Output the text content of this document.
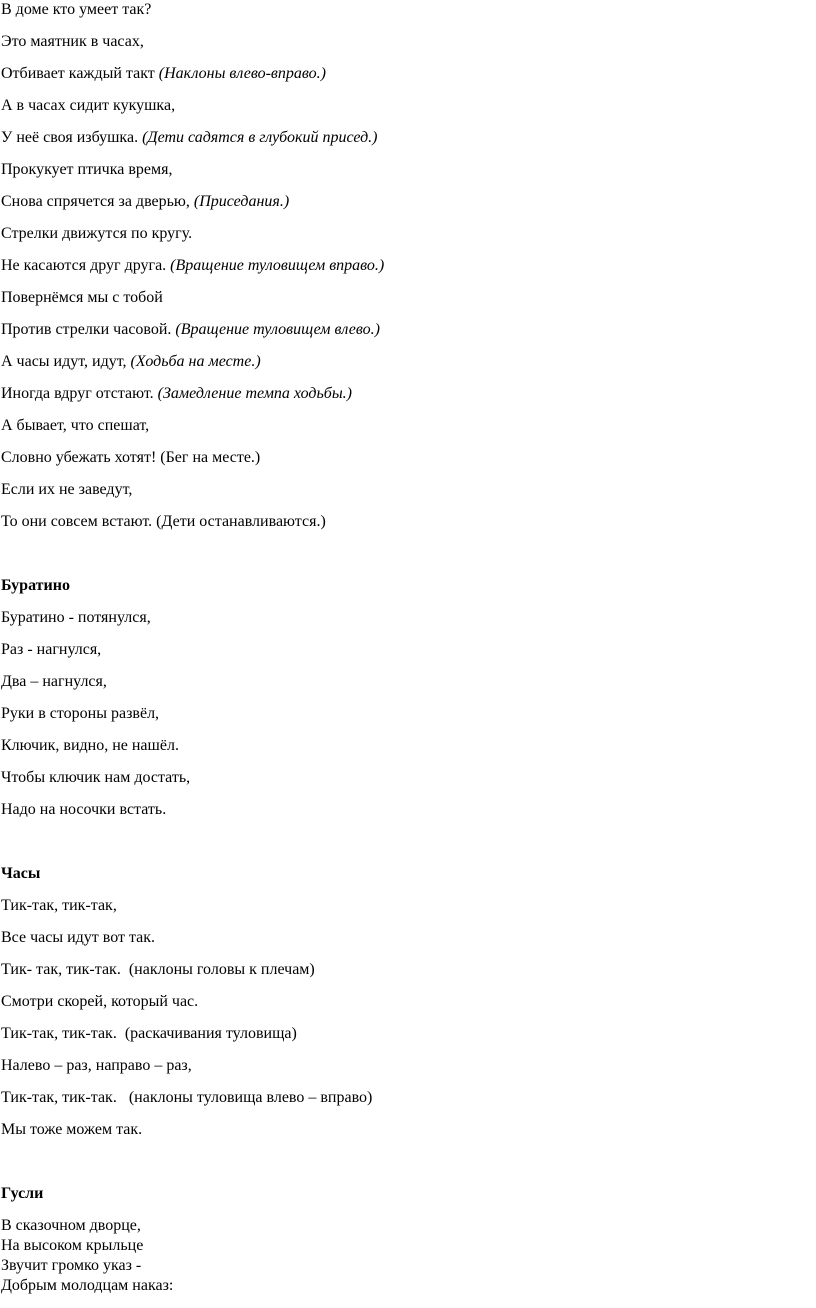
В доме кто умеет так?
Это маятник в часах,
Отбивает каждый такт (Наклоны влево-вправо.)
А в часах сидит кукушка,
У неё своя избушка. (Дети садятся в глубокий присед.)
Прокукует птичка время,
Снова спрячется за дверью, (Приседания.)
Стрелки движутся по кругу.
Не касаются друг друга. (Вращение туловищем вправо.)
Повернёмся мы с тобой
Против стрелки часовой. (Вращение туловищем влево.)
А часы идут, идут, (Ходьба на месте.)
Иногда вдруг отстают. (Замедление темпа ходьбы.)
А бывает, что спешат,
Словно убежать хотят! (Бег на месте.)
Если их не заведут,
То они совсем встают. (Дети останавливаются.)
Буратино
Буратино - потянулся,
Раз - нагнулся,
Два – нагнулся,
Руки в стороны развёл,
Ключик, видно, не нашёл.
Чтобы ключик нам достать,
Надо на носочки встать.
Часы
Тик-так, тик-так,
Все часы идут вот так.
Тик- так, тик-так.  (наклоны головы к плечам)
Смотри скорей, который час.
Тик-так, тик-так.  (раскачивания туловища)
Налево – раз, направо – раз,
Тик-так, тик-так.   (наклоны туловища влево – вправо)
Мы тоже можем так.
Гусли
В сказочном дворце,
На высоком крыльце
Звучит громко указ -
Добрым молодцам наказ:
